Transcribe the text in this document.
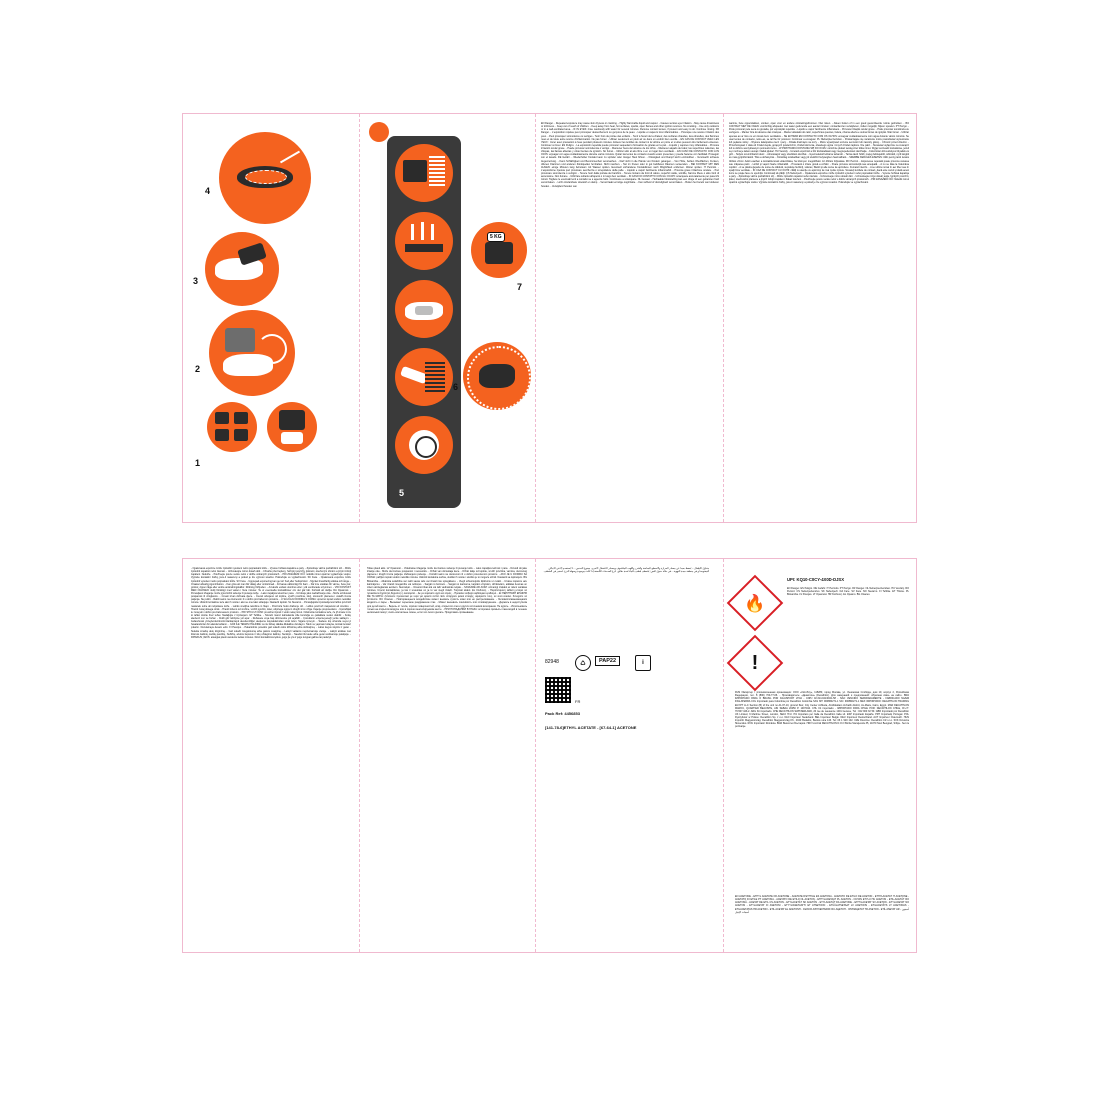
4
3
2
1
5
5 KG
7
6
EN Danger. - Repeated exposure may cause skin dryness or cracking. - Highly flammable liquid and vapour. - Causes serious eye irritation. - May cause drowsiness or dizziness. - Keep out of reach of children. - Keep away from heat, hot surfaces, sparks, open flames and other ignition sources. No smoking. - Use only outdoors or in a well-ventilated area. - IF IN EYES: rinse cautiously with water for several minutes. Remove contact lenses, if present and easy to do. Continue rinsing. FR Danger. - L'exposition répétée peut provoquer dessèchement ou gerçures de la peau. - Liquide et vapeurs très inflammables. - Provoque une sévère irritation des yeux. - Peut provoquer somnolence ou vertiges - Tenir hors de portée des enfants. - Tenir à l'écart de la chaleur, des surfaces chaudes, des étincelles, des flammes nues et de toute autre source d'inflammation. Ne pas fumer. - Utiliser seulement en plein air ou dans un endroit bien ventilé. - EN CAS DE CONTACT AVEC LES YEUX : rincer avec précaution à l'eau pendant plusieurs minutes. Enlever les lentilles de contact si la victime en porte et si elles peuvent être facilement enlevées. Continuer à rincer. ES Peligro. - La exposición repetida puede provocar sequedad o formación de grietas en la piel. - Líquido y vapores muy inflamables. - Provoca irritación ocular grave. - Puede provocar somnolencia o vértigo. - Mantener fuera del alcance de los niños. - Mantener alejado del calor, las superficies calientes, las chispas, las llamas abiertas y otras fuentes de ignición. No fumar. - Utilizar sólo al aire libre o en un lugar bien ventilado. - EN CASO DE CONTACTO CON LOS OJOS: enjuagar con agua cuidadosamente durante varios minutos. Quitar las lentes de contacto cuando estén presentes y pueda hacerse con facilidad. Proseguir con el lavado. DE Gefahr. - Wiederholter Kontakt kann zu spröder oder rissiger Haut führen. - Flüssigkeit und Dampf leicht entzündbar. - Verursacht schwere Augenreizung. - Kann Schläfrigkeit und Benommenheit verursachen. - Darf nicht in die Hände von Kindern gelangen. - Von Hitze, heißen Oberflächen, Funken, offenen Flammen und anderen Zündquellen fernhalten. Nicht rauchen. - Nur im Freien oder in gut belüfteten Räumen verwenden. - BEI KONTAKT MIT DEN AUGEN: einige Minuten lang behutsam mit Wasser spülen. Eventuell vorhandene Kontaktlinsen nach Möglichkeit entfernen. Weiter spülen. IT Pericolo. - L'esposizione ripetuta può provocare secchezza o screpolature della pelle. - Liquido e vapori facilmente infiammabili. - Provoca grave irritazione oculare. - Può provocare sonnolenza o vertigini. - Tenere fuori dalla portata dei bambini. - Tenere lontano da fonti di calore, superfici calde, scintille, fiamme libere o altre fonti di accensione. Non fumare. - Utilizzare soltanto all'aperto o in luogo ben ventilato. - IN CASO DI CONTATTO CON GLI OCCHI: sciacquare accuratamente per parecchi minuti. Togliere le eventuali lenti a contatto se è agevole farlo. Continuare a sciacquare. NL Gevaar. - Herhaalde blootstelling kan een droge of een gebarsten huid veroorzaken. - Licht ontvlambare vloeistof en damp. - Veroorzaakt ernstige oogirritatie. - Kan sufheid of duizeligheid veroorzaken. - Buiten het bereik van kinderen houden. - Verwijderd houden van
warmte, hete oppervlakken, vonken, open vuur en andere ontstekingsbronnen. Niet roken. - Alleen buiten of in een goed geventileerde ruimte gebruiken. - BIJ CONTACT MET DE OGEN: voorzichtig afspoelen met water gedurende een aantal minuten; contactlenzen verwijderen, indien mogelijk; blijven spoelen. PT Perigo. - Pode provocar pele seca ou gretada, por exposição repetida. - Líquido e vapor facilmente inflamáveis. - Provoca irritação ocular grave. - Pode provocar sonolência ou vertigens. - Manter fora do alcance das crianças. - Manter afastado do calor, superfícies quentes, faísca, chama aberta e outras fontes de ignição. Não fumar. - Utilizar apenas ao ar livre ou em locais bem ventilados. - SE ENTRAR EM CONTACTO COM OS OLHOS: enxaguar cuidadosamente com água durante vários minutos. Se usar lentes de contacto, retire-as, se tal lhe for possível. Continuar a enxaguar. PL Niebezpieczeństwo. - Powtarzające się narażenie może powodować wysuszanie lub pękanie skóry. - Wysoce łatwopalna ciecz i pary. - Działa drażniąco na oczy. - Może wywoływać uczucie senności lub zawroty głowy. - Chronić przed dziećmi. - Przechowywać z dala od źródeł ciepła, gorących powierzchni, źródeł iskrzenia, otwartego ognia i innych źródeł zapłonu. Nie palić. - Stosować wyłącznie na zewnątrz lub w dobrze wentylowanym pomieszczeniu. - W PRZYPADKU DOSTANIA SIĘ DO OCZU: ostrożnie płukać wodą przez kilka minut. Wyjąć soczewki kontaktowe, jeżeli są i można je łatwo usunąć. Nadal płukać. HU Veszély. - Ismételt expozíció a bőr kiszáradását vagy megrepedezését okozhatja. - Fokozottan tűzveszélyes folyadék és gőz. - Súlyos szemirritációt okoz. - Álmosságot vagy szédülést okozhat. - Gyermekektől elzárva tartandó. - Tartsa távol hőtől, meleg felületektől, szikrától, nyílt lángtól és más gyújtóforrástól. Tilos a dohányzás. - Kizárólag szabadban vagy jól szellőző helyiségben használható. - SZEMBE KERÜLÉS ESETÉN: több percig tartó óvatos öblítés vízzel. Adott esetben a kontaktlencsék eltávolítása, ha könnyen megoldható. Az öblítés folytatása. RO Pericol. - Expunerea repetată poate provoca uscarea sau crăparea pielii. - Lichid şi vapori foarte inflamabili. - Provoacă o iritare gravă a ochilor. - Poate provoca somnolenţă sau ameţeală. - A nu se lăsa la îndemâna copiilor. - A se păstra departe de surse de căldură, suprafeţe fierbinţi, scântei, flăcări şi alte surse de aprindere. Fumatul interzis. - A se utiliza numai în aer liber sau în spaţii bine ventilate. - ÎN CAZ DE CONTACT CU OCHII: clătiţi cu atenţie cu apă timp de mai multe minute. Scoateţi lentilele de contact, dacă este cazul şi dacă acest lucru se poate face cu uşurinţă. Continuaţi să clătiţi. CS Nebezpečí. - Opakovaná expozice může způsobit vysušení nebo popraskání kůže. - Vysoce hořlavá kapalina a páry. - Způsobuje vážné podráždění očí. - Může způsobit ospalost nebo závratě. - Uchovávejte mimo dosah dětí. - Uchovávejte mimo dosah tepla, horkých povrchů, jisker, otevřeného plamene a jiných zdrojů zapálení. Zákaz kouření. - Používejte pouze venku nebo v dobře větraných prostorách. - PŘI ZASAŽENÍ OČÍ: Několik minut opatrně vyplachujte vodou. Vyjměte kontaktní čočky, jsou-li nasazeny a pokud je lze vyjmout snadno. Pokračujte ve vyplachování.
- Opakovaná expozice může způsobit vysušení nebo popraskání kůže. - Vysoce hořlavá kapalina a páry. - Způsobuje vážné podráždění očí. - Může způsobit ospalost nebo závratě. - Uchovávejte mimo dosah dětí. - Chraňte před teplem, horkými povrchy, jiskrami, otevřeným ohněm a jinými zdroji zapálení. Nekuřte. - Používejte pouze venku nebo v dobře větraných prostorách. - PŘI ZASAŽENÍ OČÍ: několik minut opatrně vyplachujte vodou. Vyjměte kontaktní čočky, jsou-li nasazeny a pokud je lze vyjmout snadno. Pokračujte ve vyplachování. SK Fara. - Opakovaná expozice může způsobit vysušení nebo popraskání kůže. SV Fara. - Upprepad exponering kan ge torr hud eller hudsprickor. - Mycket brandfarlig vätska och ånga. - Orsakar allvarlig ögonirritation. - Kan göra att man blir dåsig eller omtöcknad. - Förvaras oåtkomligt för barn. - Får inte utsättas för värme, heta ytor, gnistor, öppen låga eller andra antändningskällor. Rökning förbjuden. - Används endast utomhus eller i väl ventilerade utrymmen. - VID KONTAKT MED ÖGONEN: skölj försiktigt med vatten i flera minuter. Ta ur eventuella kontaktlinser om det går lätt. Fortsätt att skölja. DA Opasnost. - Ponavljano izlaganje može prouzročiti sušenje ili pucanje kože. - Lako zapaljiva tekućina i para. - Uzrokuje jako nadraživanje oka. - Može uzrokovati pospanost ili vrtoglavicu. - Čuvati izvan dohvata djece. - Čuvati odvojeno od topline, vrućih površina, iskri, otvorenih plamena i ostalih izvora paljenja. Ne pušiti. - Rabiti samo na otvorenom ili u dobro prozračenom prostoru. - U SLUČAJU DODIRA S OČIMA: oprezno isprati vodom nekoliko minuta. Ukloniti kontaktne leće ako ih nosite i ako se one lako uklanjaju. Nastaviti ispirati. SL Nevarno. - Ponavljajoča izpostavljenost lahko povzroči nastanek suhe ali razpokane kože. - Lahko vnetljiva tekočina in hlapi. - Povzroča hudo draženje oči. - Lahko povzroči zaspanost ali omotico. - Hraniti zunaj dosega otrok. - Hraniti ločeno od vročine, vročih površin, isker, odprtega ognja in drugih virov vžiga. Kajenje prepovedano. - Uporabljati le zunaj ali v dobro prezračevanem prostoru. - PRI STIKU Z OČMI: previdno izprati z vodo nekaj minut. Odstranite kontaktne leče, če jih imate in če to lahko storite brez težav. Nadaljujte z izpiranjem. ET Tehlike. - Tekrarlı maruz kalmalarda cilte kuruluğa ve çatlaklara neden olabilir. - Kolay alevlenir sıvı ve buhar. - Ciddi göz tahrişine yol açar. - Rehavete veya baş dönmesine yol açabilir. - Çocukların erişemeyeceği yerde saklayın. - Isıdan/sıcak yüzeylerden/kıvılcımlardan/açık alevden/diğer ateşleme kaynaklarından uzak tutun. Sigara içmeyin. - Sadece dış ortamda veya iyi havalandırılan bir alanda kullanın. - GÖZ İLE TEMASI HALİNDE: su ile birkaç dakika dikkatlice durulayın. Takılı ve yapması kolaysa, kontak lensleri çıkartın. Durulamaya devam edin. FI Pavojus. - Pakartotinis poveikis gali sukelti odos džiūvimą arba skilinėjimą. - Labai degus skystis ir garai. - Sukelia smarkų akių dirginimą. - Gali sukelti mieguistumą arba galvos svaigimą. - Laikyti vaikams neprieinamoje vietoje. - Laikyti atokiau nuo šilumos šaltinių, karštų paviršių, žiežirbų, atviros liepsnos ir kitų uždegimo šaltinių. Nerūkyti. - Naudoti tik lauke arba gerai vėdinamoje patalpoje. - PATEKUS Į AKIS: atsargiai plauti vandeniu kelias minutes. Išimti kontaktinius lęšius, jeigu jie yra ir jeigu lengvai galima tai padaryti.
Toliau plauti akis. LV Opasnost. - Vīdekratoe izlaganje može da izazove sušenje ili pucanje kože. - Lako zapaljiva tečnost i para. - Dovodi do jake iritacije oka - Može da izazove pospanost i nesvesticu. - Držati van domašaja dece. - Držati dalje od toplote, vrućih površina, varnica, otvorenog plamena i drugih izvora paljenja. Zabranjeno pušenje. - Koristiti samo na otvorenom ili u dobro provetrenom prostoru. - AKO JE U DODIRU SA OČIMA: pažljivo isprati vodom nekoliko minuta. Ukloniti kontaktna sočiva, ukoliko ih nosite i ukoliko je to moguće učiniti. Nastaviti sa ispiranjem. BG Bīstamība. - Atkārtota iedarbība var radīt sausu ādu vai izraisīt tās sprēgāšanu. - Viegli uzliesmojošs šķidrums un tvaiki. - Izraisa nopietnu acu kairinājumu. - Var izraisīt miegainību vai reiboņus. - Sargāt no bērniem. - Sargāt no karstuma, karstām virsmām, dzirkstelēm, atklātas liesmas un citiem aizdegšanās avotiem. Nesmēķēt. - Izmantot tikai ārā vai labi vēdināmās telpās. - SASKARĒ AR ACĪM: uzmanīgi izskalot ar ūdeni vairākas minūtes. Izņemt kontaktlēcas, ja tās ir ievietotas un ja to var viegli izdarīt. Turpināt skalot. EL Κίνδυνος. - Παρατεταμένη έκθεση μπορεί να προκαλέσει ξηρότητα δέρματος ή σκασίματα. - Δε με εύφλεκτο υγρό και ατμός. - Προκαλεί σοβαρό οφθαλμικό ερεθισμό. - ΕΙ ΠΕΡΙΠΤΩΣΗ ΕΠΑΦΗΣ ΜΕ ΤΑ ΜΑΤΙΑ: ξεπλύνετε προσεκτικά με νερό για αρκετά λεπτά. Εάν υπάρχουν φακοί επαφής, αφαιρέστε τους, αν είναι εύκολο. Συνεχίστε να ξεπλένετε. RU Опасно. - Повторяющееся воздействие может вызвать сухость кожи или её растрескивание. - Легковоспламеняющаяся жидкость и пары. - Вызывает серьёзное раздражение глаз. - Может вызывать сонливость или головокружение. - Держать в недоступном для детей месте. - Беречь от тепла, горячих поверхностей, искр, открытого огня и других источников возгорания. Не курить. - Использовать только на открытом воздухе или в хорошо вентилируемом месте. - ПРИ ПОПАДАНИИ В ГЛАЗА: осторожно промыть глаза водой в течение нескольких минут; снять контактные линзы, если это легко сделать. Продолжать промывание.
متناول الأطفال. - يُحفظ بعيداً عن مصادر الحرارة والأسطح الساخنة والشرر واللهب المكشوف ومصادر الاشتعال الأخرى. ممنوع التدخين. - لا يُستخدم إلا في الأماكن المفتوحة أو في منطقة جيدة التهوية. - في حالة دخول العين: يُشطف بلطف بالماء لعدة دقائق. انزع العدسات اللاصقة إذا كانت موجودة وسهلة النزع. استمر في الشطف.
82948	♺	PAP22	i
FR
Pack Ref: 4456853
[141-78-6]ETHYL ACETATE - [67-64-1] ACETONE
🔥
!
UPI: KQ10-C0CY-4X0D-DJSX
EN Danger. ES Peligro. DE Gefahr. IT Pericolo. PT Perigo. FR Danger. NL Nebezpieczeństwo. HU Veszély. RO Pericol. CS Nebezpečenstvo. SK Nebezpečí. DA Fare. SV Fara. NO Nevarno. FI Tehlike. ET Tõsine. PL Bīstamība. LV Pavojus. LT Opasnost. HR Κίνδυνος. EL Opasno. BG Опасно.
RUS Импортер / уполномоченная организация: ООО «Октоблу», 115280, город Москва, ул. Ленинская Слобода, дом 19, корпус 2, Российская Федерация, тел. 8 (800) 700-77-66. - Производитель: «Декатлон» (Decathlon). Для замечаний и предложений: обратная связь на сайте. BRA IMPORTADO PARA O BRASIL POR IGUASPORT LTDA - CNPJ 02.314.041/0021-58 - NÃO VENCIDO SEPARADAMENTE - FABRICADO NA/EM INGLATERRA COL Importado para Colombia por Decathlon Colombia SAS NIT: 900860271-1 SIC: 900860271-1 MEX IMPORTADO: DECATHLON TRADING EGYPT LLC Section (B) of the unit no A1-67-10, ground floor, City Center Al-Maza, Al-Mokattam Al-Katib district, AL-Maza, Cairo, Egypt. MAR DECATHLON MAROC, QUARTIER BEAUSITE, AIN SEBAA 20250 P. 1007044. CHL Kit importado - IMPORTADO PARA CHILE POR: DECATHLON CHILE, R.U.T. 76.507.443-2. ARG Kit importado. CHE DECATHLON SWITZERLAND, 20 rue de Lausanne 1201 Genève, Tél : 022 900 32 50. GBR Importado por Decathlon UK Limited, 9 Martime Street, London, SE16 7FU. ITA Importato per Italia da Decathlon Italia srl. ESP Importado España. PRT Importado Portugal. POL Dystrybutor w Polsce: Decathlon Sp. z o.o. NLD Importeur Nederland. BEL Importeur België. DEU Importeur Deutschland. AUT Importeur Österreich. HUN Importőr Magyarország: Decathlon Magyarország Kft., 2040 Budaörs, Baross utca 146. Tel: 06 1 920 102. CZE Dovozce: Decathlon CZ s.r.o. SVK Dovozca Slovensko. ROU Importator România. BGR Вносител България. HRV Uvoznik DECATHLON D.O.O Borša Stanojevića 35, 11070 Novi Beograd, Srbija - Set za pozivanje.
EN ACETONE - ETHYL ACETATE FR ACÉTONE - ACÉTATE D'ÉTHYLE ES ACETONA - ACETATO DE ETILO DE ACETON - ETHYLACETAT IT ACETONE - ACETATO DI ETILE PT ACETONA - ACETATO DE ETILO NL ACETON - ETHYLACETAAT PL ACETON - OCTAN ETYLU HU ACETON - ETIL-ACETÁT RO ACETONĂ - ACETAT DE ETIL CS ACETON - ETYLACETÁT SK ACETÓN - ETYLACETÁT DA ACETONE - ETHYLACETAT SV ACETON - ETYLACETAT NO ACETON - ETYLACETAT FI ASETONI - ETYYLIASETAATTI ET ATSETOON - ETÜÜLATSETAAT LV ACETONS - ETILACETĀTS LT ACETONAS - ETILACETATAS HR ACETON - ETIL ACETAT EL ΑΚΕΤΟΝΗ - ΟΞΙΚΟΣ ΑΙΘΥΛΕΣΤΕΡΑΣ RU АЦЕТОН - ЭТИЛАЦЕТАТ TR ASETON - ETİL ASETAT AR أسيتون - أسيتات الإيثيل
